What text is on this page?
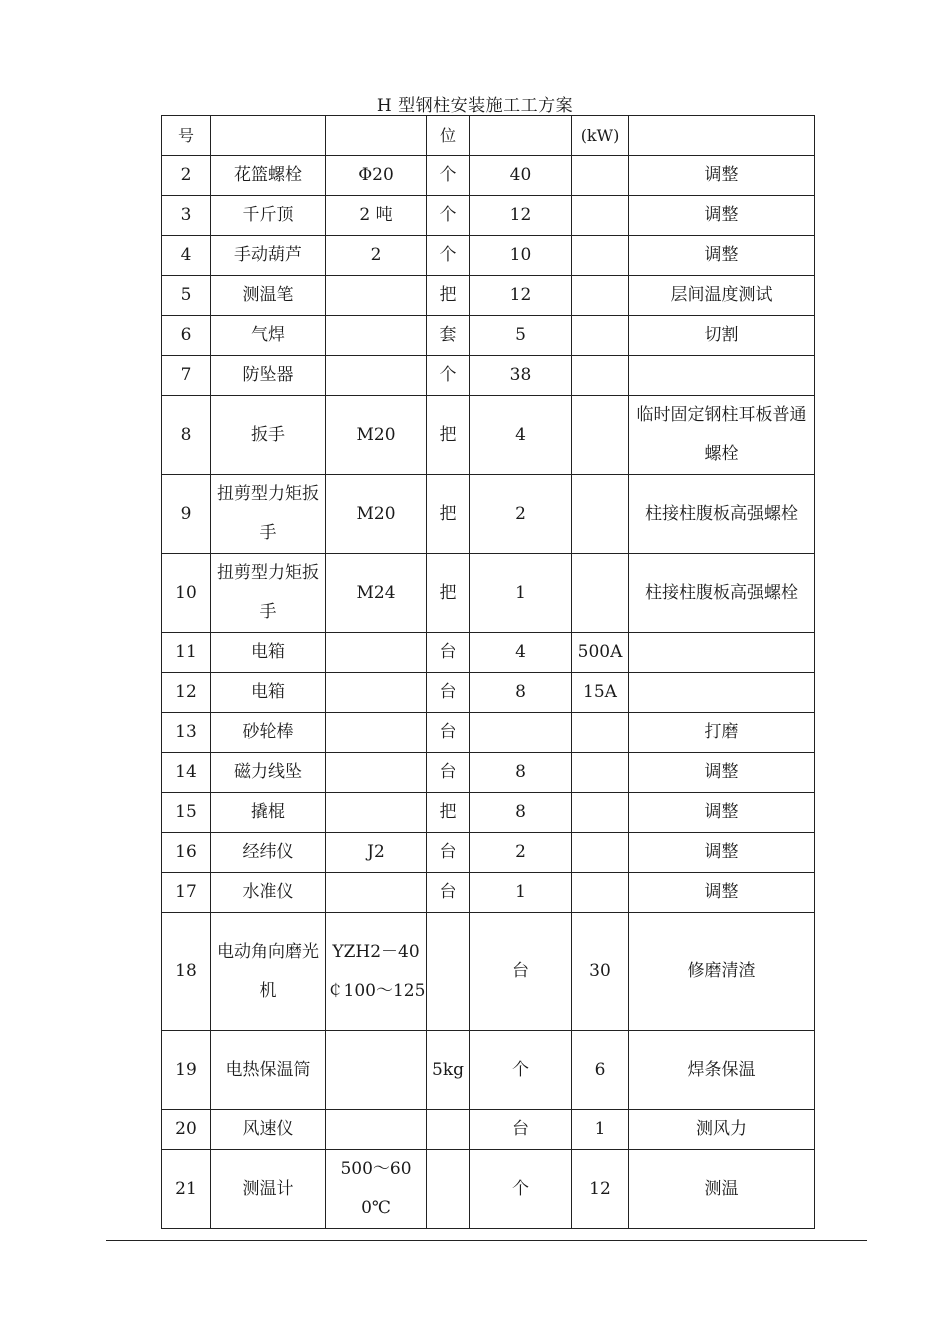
H 型钢柱安装施工工方案
号			位		(kW)	
2	花篮螺栓	Φ20	个	40		调整
3	千斤顶	2 吨	个	12		调整
4	手动葫芦	2	个	10		调整
5	测温笔		把	12		层间温度测试
6	气焊		套	5		切割
7	防坠器		个	38		
8	扳手	M20	把	4		临时固定钢柱耳板普通螺栓
9	扭剪型力矩扳手	M20	把	2		柱接柱腹板高强螺栓
10	扭剪型力矩扳手	M24	把	1		柱接柱腹板高强螺栓
11	电箱		台	4	500A	
12	电箱		台	8	15A	
13	砂轮棒		台			打磨
14	磁力线坠		台	8		调整
15	撬棍		把	8		调整
16	经纬仪	J2	台	2		调整
17	水准仪		台	1		调整
18	电动角向磨光机	YZH2－40 ￠100～125		台	30	修磨清渣
19	电热保温筒		5kg	个	6	焊条保温
20	风速仪			台	1	测风力
21	测温计	500～600℃		个	12	测温
